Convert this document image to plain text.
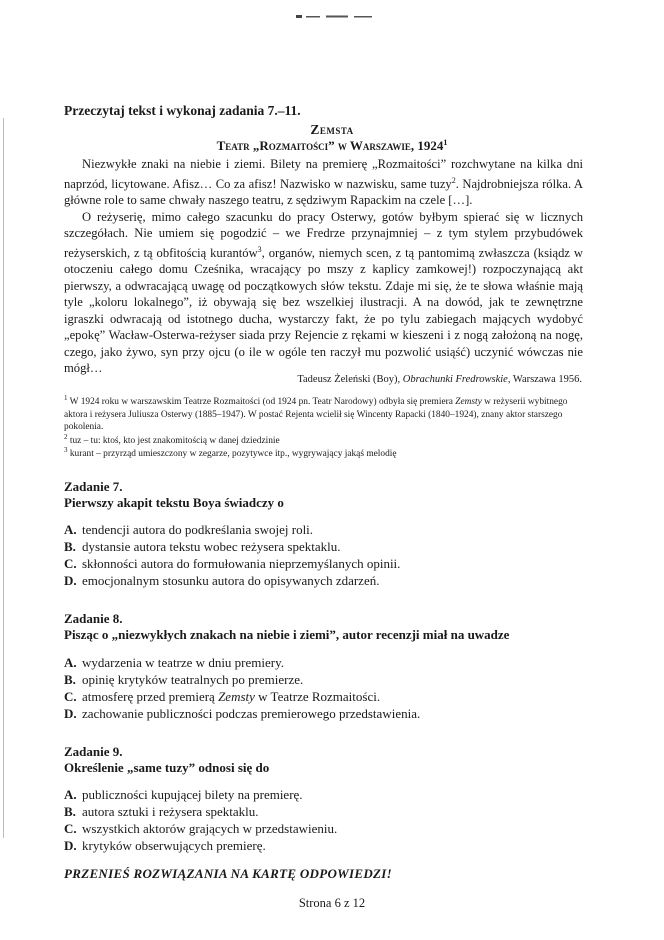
Przeczytaj tekst i wykonaj zadania 7.–11.
Zemsta
Teatr „Rozmaitości” w Warszawie, 1924$^1$

Niezwykłe znaki na niebie i ziemi. Bilety na premierę „Rozmaitości” rozchwytane na kilka dni naprzód, licytowane. Afisz… Co za afisz! Nazwisko w nazwisku, same tuzy$^2$. Najdrobniejsza rólka. A główne role to same chwały naszego teatru, z sędziwym Rapackim na czele […].

O reżyserię, mimo całego szacunku do pracy Osterwy, gotów byłbym spierać się w licznych szczegółach. Nie umiem się pogodzić – we Fredrze przynajmniej – z tym stylem przybudówek reżyserskich, z tą obfitością kurantów$^3$, organów, niemych scen, z tą pantomimą zwłaszcza (ksiądz w otoczeniu całego domu Cześnika, wracający po mszy z kaplicy zamkowej!) rozpoczynającą akt pierwszy, a odwracającą uwagę od początkowych słów tekstu. Zdaje mi się, że te słowa właśnie mają tyle „koloru lokalnego”, iż obywają się bez wszelkiej ilustracji. A na dowód, jak te zewnętrzne igraszki odwracają od istotnego ducha, wystarczy fakt, że po tylu zabiegach mających wydobyć „epokę” Wacław-Osterwa-reżyser siada przy Rejencie z rękami w kieszeni i z nogą założoną na nogę, czego, jako żywo, syn przy ojcu (o ile w ogóle ten raczył mu pozwolić usiąść) uczynić wówczas nie mógł…

Tadeusz Żeleński (Boy), Obrachunki Fredrowskie, Warszawa 1956.
$^1$ W 1924 roku w warszawskim Teatrze Rozmaitości (od 1924 pn. Teatr Narodowy) odbyła się premiera Zemsty w reżyserii wybitnego aktora i reżysera Juliusza Osterwy (1885–1947). W postać Rejenta wcielił się Wincenty Rapacki (1840–1924), znany aktor starszego pokolenia.
$^2$ tuz – tu: ktoś, kto jest znakomitością w danej dziedzinie
$^3$ kurant – przyrząd umieszczony w zegarze, pozytywce itp., wygrywający jakąś melodię
Zadanie 7.
Pierwszy akapit tekstu Boya świadczy o
A. tendencji autora do podkreślania swojej roli.
B. dystansie autora tekstu wobec reżysera spektaklu.
C. skłonności autora do formułowania nieprzemyślanych opinii.
D. emocjonalnym stosunku autora do opisywanych zdarzeń.
Zadanie 8.
Pisząc o „niezwykłych znakach na niebie i ziemi”, autor recenzji miał na uwadze
A. wydarzenia w teatrze w dniu premiery.
B. opinię krytyków teatralnych po premierze.
C. atmosferę przed premierą Zemsty w Teatrze Rozmaitości.
D. zachowanie publiczności podczas premierowego przedstawienia.
Zadanie 9.
Określenie „same tuzy” odnosi się do
A. publiczności kupującej bilety na premierę.
B. autora sztuki i reżysera spektaklu.
C. wszystkich aktorów grających w przedstawieniu.
D. krytyków obserwujących premierę.
PRZENIEŚ ROZWIĄZANIA NA KARTĘ ODPOWIEDZI!
Strona 6 z 12
